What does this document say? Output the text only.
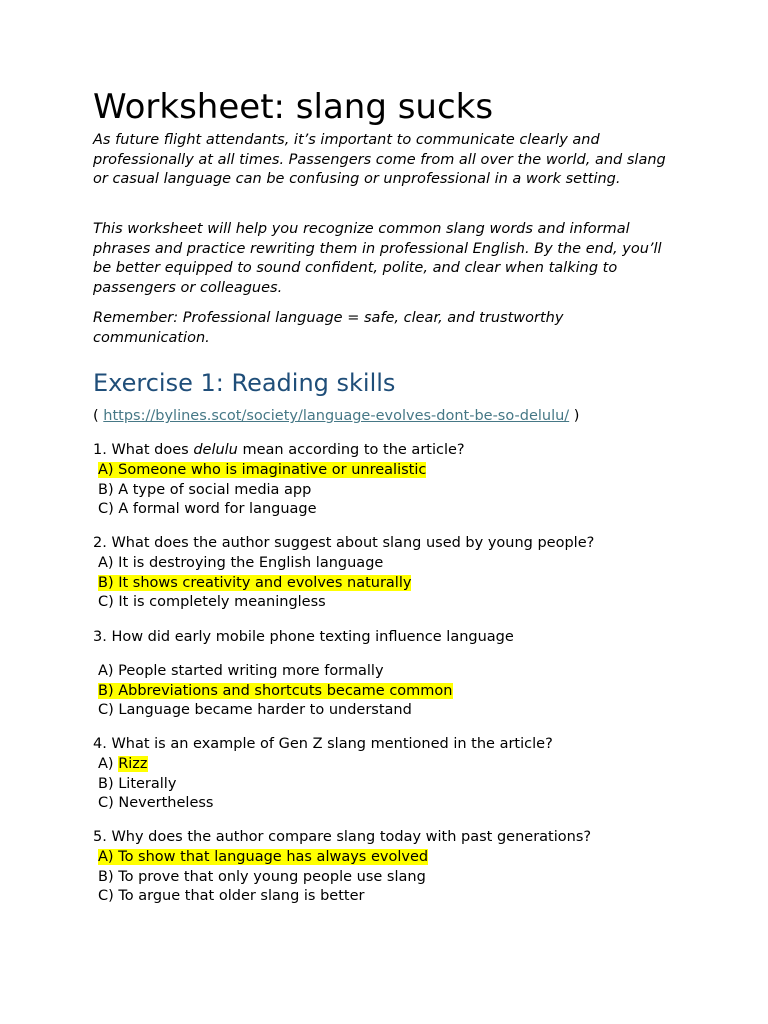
Worksheet: slang sucks

As future flight attendants, it’s important to communicate clearly and professionally at all times. Passengers come from all over the world, and slang or casual language can be confusing or unprofessional in a work setting.

This worksheet will help you recognize common slang words and informal phrases and practice rewriting them in professional English. By the end, you’ll be better equipped to sound confident, polite, and clear when talking to passengers or colleagues.

Remember: Professional language = safe, clear, and trustworthy communication.

Exercise 1: Reading skills
( https://bylines.scot/society/language-evolves-dont-be-so-delulu/ )
1. What does delulu mean according to the article?
A) Someone who is imaginative or unrealistic
B) A type of social media app
C) A formal word for language
2. What does the author suggest about slang used by young people?
A) It is destroying the English language
B) It shows creativity and evolves naturally
C) It is completely meaningless
3. How did early mobile phone texting influence language
A) People started writing more formally
B) Abbreviations and shortcuts became common
C) Language became harder to understand
4. What is an example of Gen Z slang mentioned in the article?
A) Rizz
B) Literally
C) Nevertheless
5. Why does the author compare slang today with past generations?
A) To show that language has always evolved
B) To prove that only young people use slang
C) To argue that older slang is better
